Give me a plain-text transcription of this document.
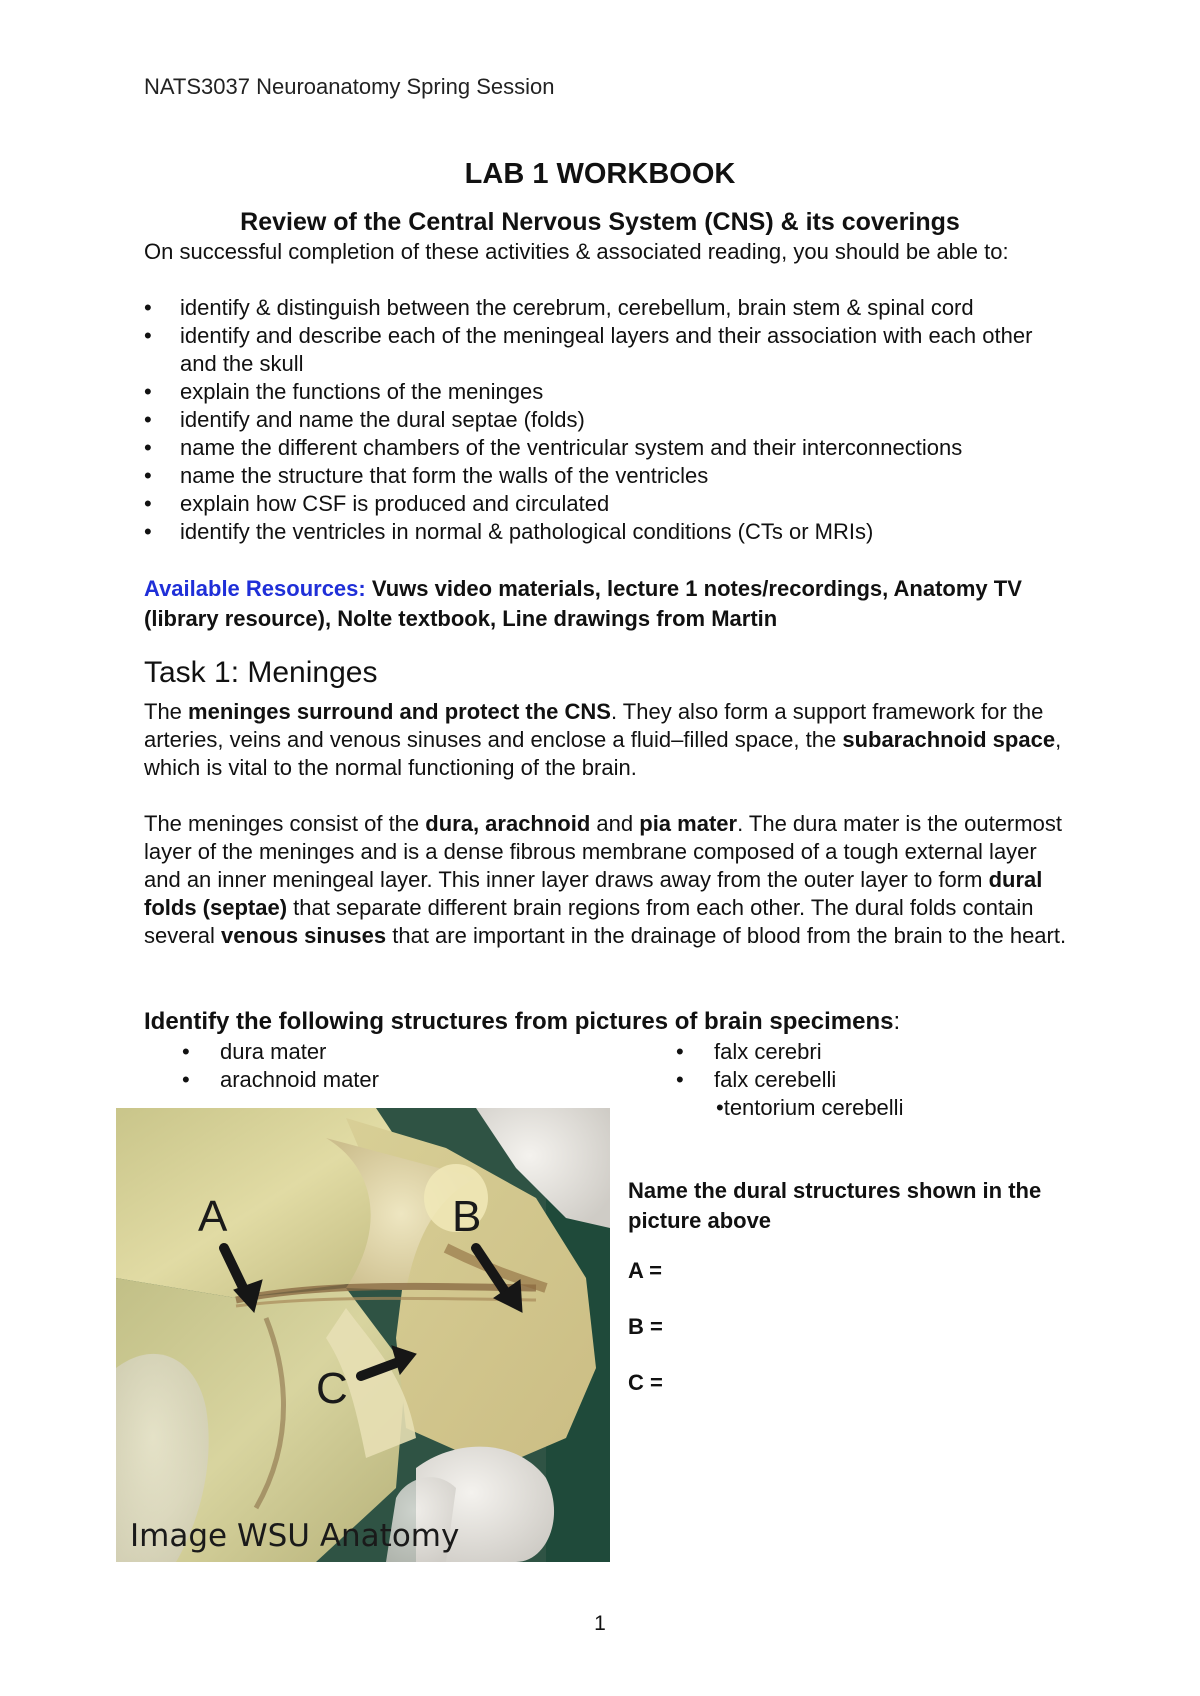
NATS3037 Neuroanatomy Spring Session
LAB 1 WORKBOOK
Review of the Central Nervous System (CNS) & its coverings
On successful completion of these activities & associated reading, you should be able to:
• identify & distinguish between the cerebrum, cerebellum, brain stem & spinal cord
• identify and describe each of the meningeal layers and their association with each other and the skull
• explain the functions of the meninges
• identify and name the dural septae (folds)
• name the different chambers of the ventricular system and their interconnections
• name the structure that form the walls of the ventricles
• explain how CSF is produced and circulated
• identify the ventricles in normal & pathological conditions (CTs or MRIs)
Available Resources: Vuws video materials, lecture 1 notes/recordings, Anatomy TV (library resource), Nolte textbook, Line drawings from Martin
Task 1: Meninges
The meninges surround and protect the CNS. They also form a support framework for the arteries, veins and venous sinuses and enclose a fluid–filled space, the subarachnoid space, which is vital to the normal functioning of the brain.
The meninges consist of the dura, arachnoid and pia mater. The dura mater is the outermost layer of the meninges and is a dense fibrous membrane composed of a tough external layer and an inner meningeal layer. This inner layer draws away from the outer layer to form dural folds (septae) that separate different brain regions from each other. The dural folds contain several venous sinuses that are important in the drainage of blood from the brain to the heart.
Identify the following structures from pictures of brain specimens:
• dura mater
• arachnoid mater
• falx cerebri
• falx cerebelli
•tentorium cerebelli
A	B
C
Image WSU Anatomy
Name the dural structures shown in the picture above
A =
B =
C =
1
